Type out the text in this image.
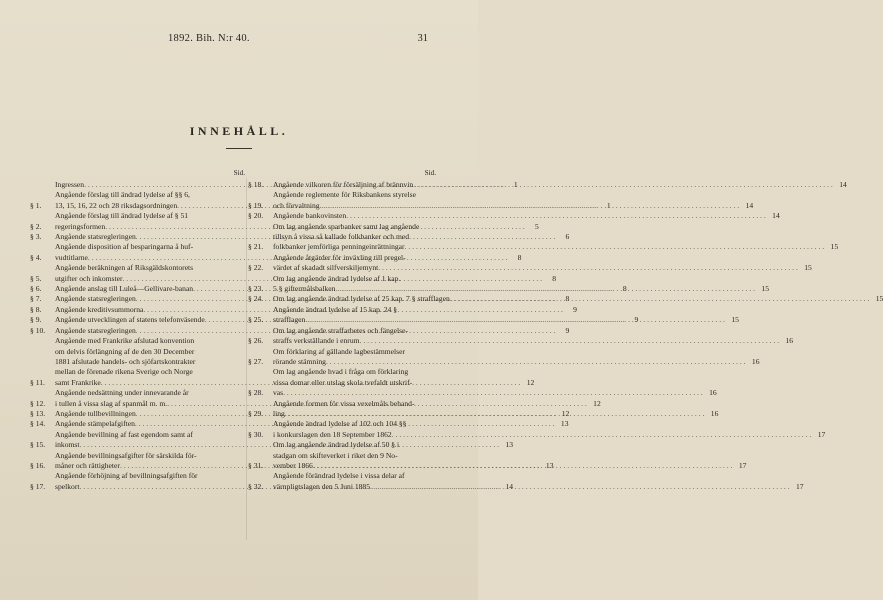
1892. Bih. N:r 40.	31
INNEHÅLL.
Sid.
Ingressen . . .	1
§ 1.
Angående förslag till ändrad lydelse af §§ 6,
13, 15, 16, 22 och 28 riksdagsordningen . . .	1
§ 2.
Angående förslag till ändrad lydelse af § 51
regeringsformen . . .	5
§ 3.	Angående statsregleringen . . .	6
§ 4.
Angående disposition af besparingarna å huf-
vudtitlarne . . .	8
§ 5.
Angående beräkningen af Riksgäldskontorets
utgifter och inkomster . . .	8
§ 6.	Angående anslag till Luleå—Gellivare-banan . . .	8
§ 7.	Angående statsregleringen . . .	8
§ 8.	Angående kreditivsummorna . . .	9
§ 9.	Angående utvecklingen af statens telefonväsende . . .	9
§ 10.	Angående statsregleringen . . .	9
§ 11.
Angående med Frankrike afslutad konvention
om delvis förlängning af de den 30 December
1881 afslutade handels- och sjöfartskontrakter
mellan de förenade rikena Sverige och Norge
samt Frankrike . . .	12
§ 12.
Angående nedsättning under innevarande år
i tullen å vissa slag af spanmål m. m. . . .	12
§ 13.	Angående tullbevillningen . . .	12
§ 14.	Angående stämpelafgiften . . .	13
§ 15.
Angående bevillning af fast egendom samt af
inkomst . . .	13
§ 16.
Angående bevillningsafgifter för särskilda för-
måner och rättigheter . . .	13
§ 17.
Angående förhöjning af bevillningsafgiften för
spelkort . . .	14
Sid.
§ 18.	Angående vilkoren för försäljning af brännvin . . .	14
§ 19.
Angående reglemente för Riksbankens styrelse
och förvaltning . . .	14
§ 20.	Angående bankovinsten . . .	14
§ 21.
Om lag angående sparbanker samt lag angående
tillsyn å vissa så kallade folkbanker och med
folkbanker jemförliga penningeinrättningar . . .	15
§ 22.
Angående åtgärder för inväxling till pregel-
värdet af skadadt silfverskiljemynt . . .	15
§ 23.
Om lag angående ändrad lydelse af 1 kap.
5 § giftermålsbalken . . .	15
§ 24.	Om lag angående ändrad lydelse af 25 kap. 7 § strafflagen . . .	15
§ 25.
Angående ändrad lydelse af 15 kap. 24 §
strafflagen . . .	15
§ 26.
Om lag angående straffarbetes och fängelse-
straffs verkställande i enrum . . .	16
§ 27.
Om förklaring af gällande lagbestämmelser
rörande stämning . . .	16
§ 28.
Om lag angående hvad i fråga om förklaring
vissa domar eller utslag skola tvefaldt utskrif-
vas . . .	16
§ 29.
Angående formen för vissa vexelmåls behand-
ling . . .	16
§ 30.
Angående ändrad lydelse af 102 och 104 §§
i konkurslagen den 18 September 1862 . . .	17
§ 31.
Om lag angående ändrad lydelse af 50 § i
stadgan om skifteverket i riket den 9 No-
vember 1866 . . .	17
§ 32.
Angående förändrad lydelse i vissa delar af
värnpligtslagen den 5 Juni 1885 . . .	17
